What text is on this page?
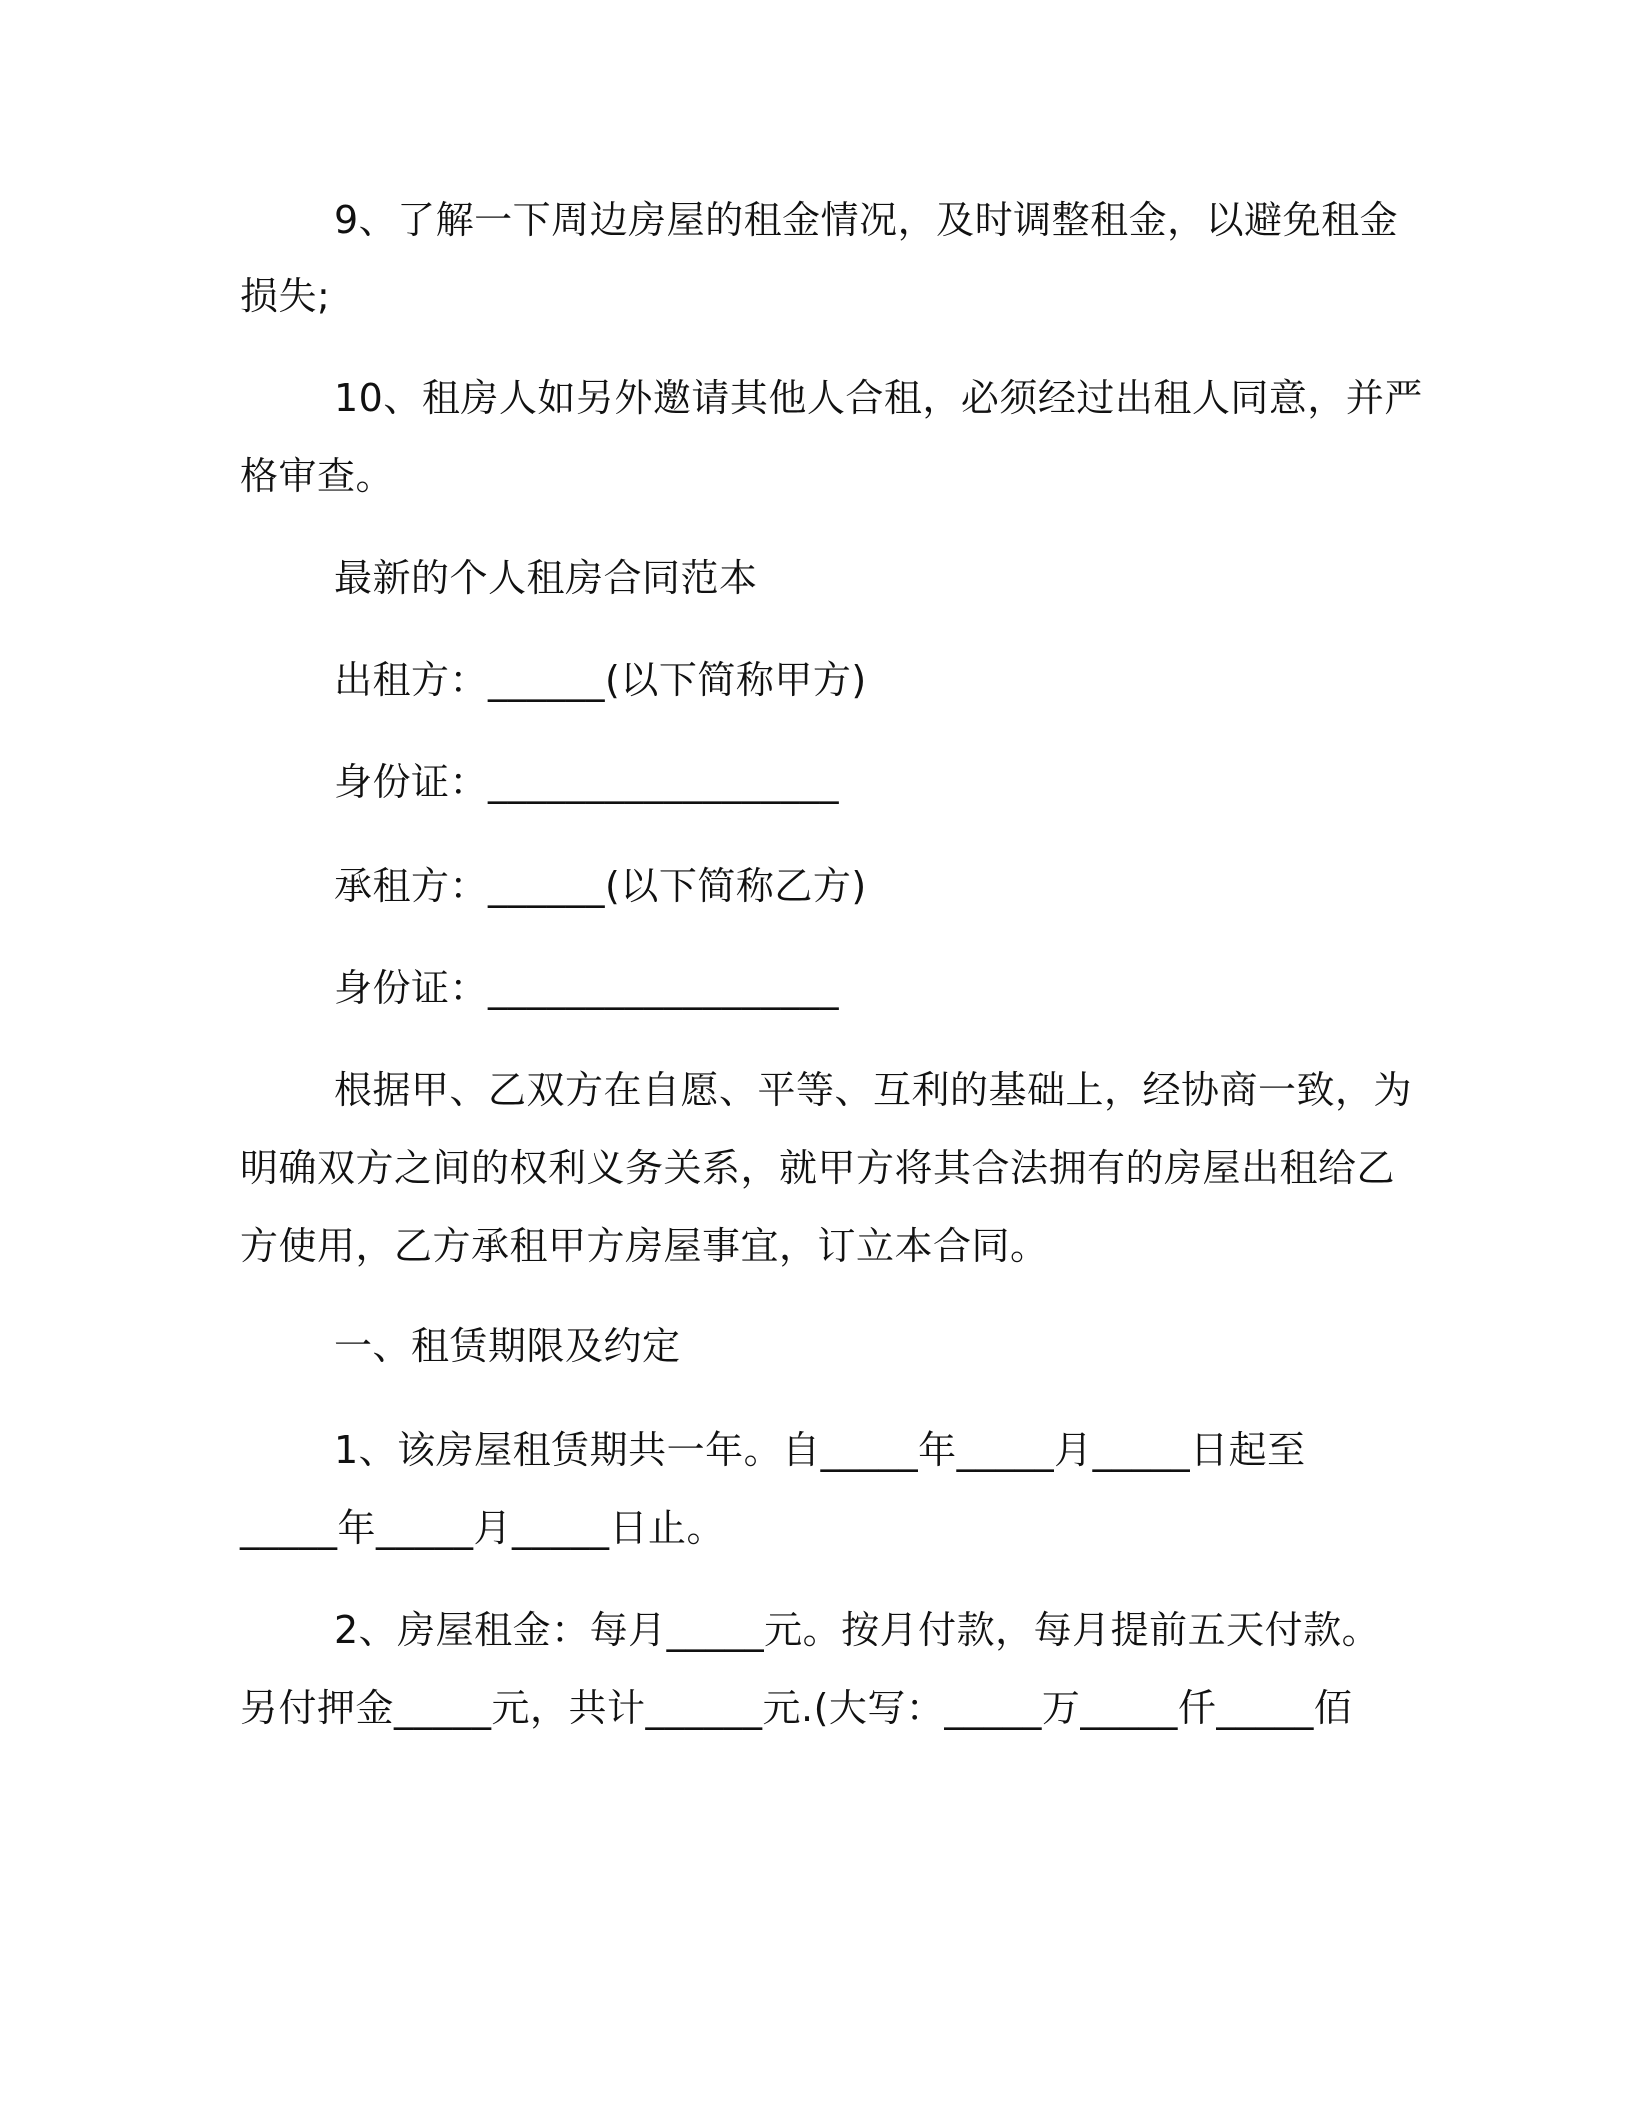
9、了解一下周边房屋的租金情况，及时调整租金，以避免租金
损失;
10、租房人如另外邀请其他人合租，必须经过出租人同意，并严
格审查。
最新的个人租房合同范本
出租方：______(以下简称甲方)
身份证：__________________
承租方：______(以下简称乙方)
身份证：__________________
根据甲、乙双方在自愿、平等、互利的基础上，经协商一致，为
明确双方之间的权利义务关系，就甲方将其合法拥有的房屋出租给乙
方使用，乙方承租甲方房屋事宜，订立本合同。
一、租赁期限及约定
1、该房屋租赁期共一年。自_____年_____月_____日起至
_____年_____月_____日止。
2、房屋租金：每月_____元。按月付款，每月提前五天付款。
另付押金_____元，共计______元.(大写：_____万_____仟_____佰
